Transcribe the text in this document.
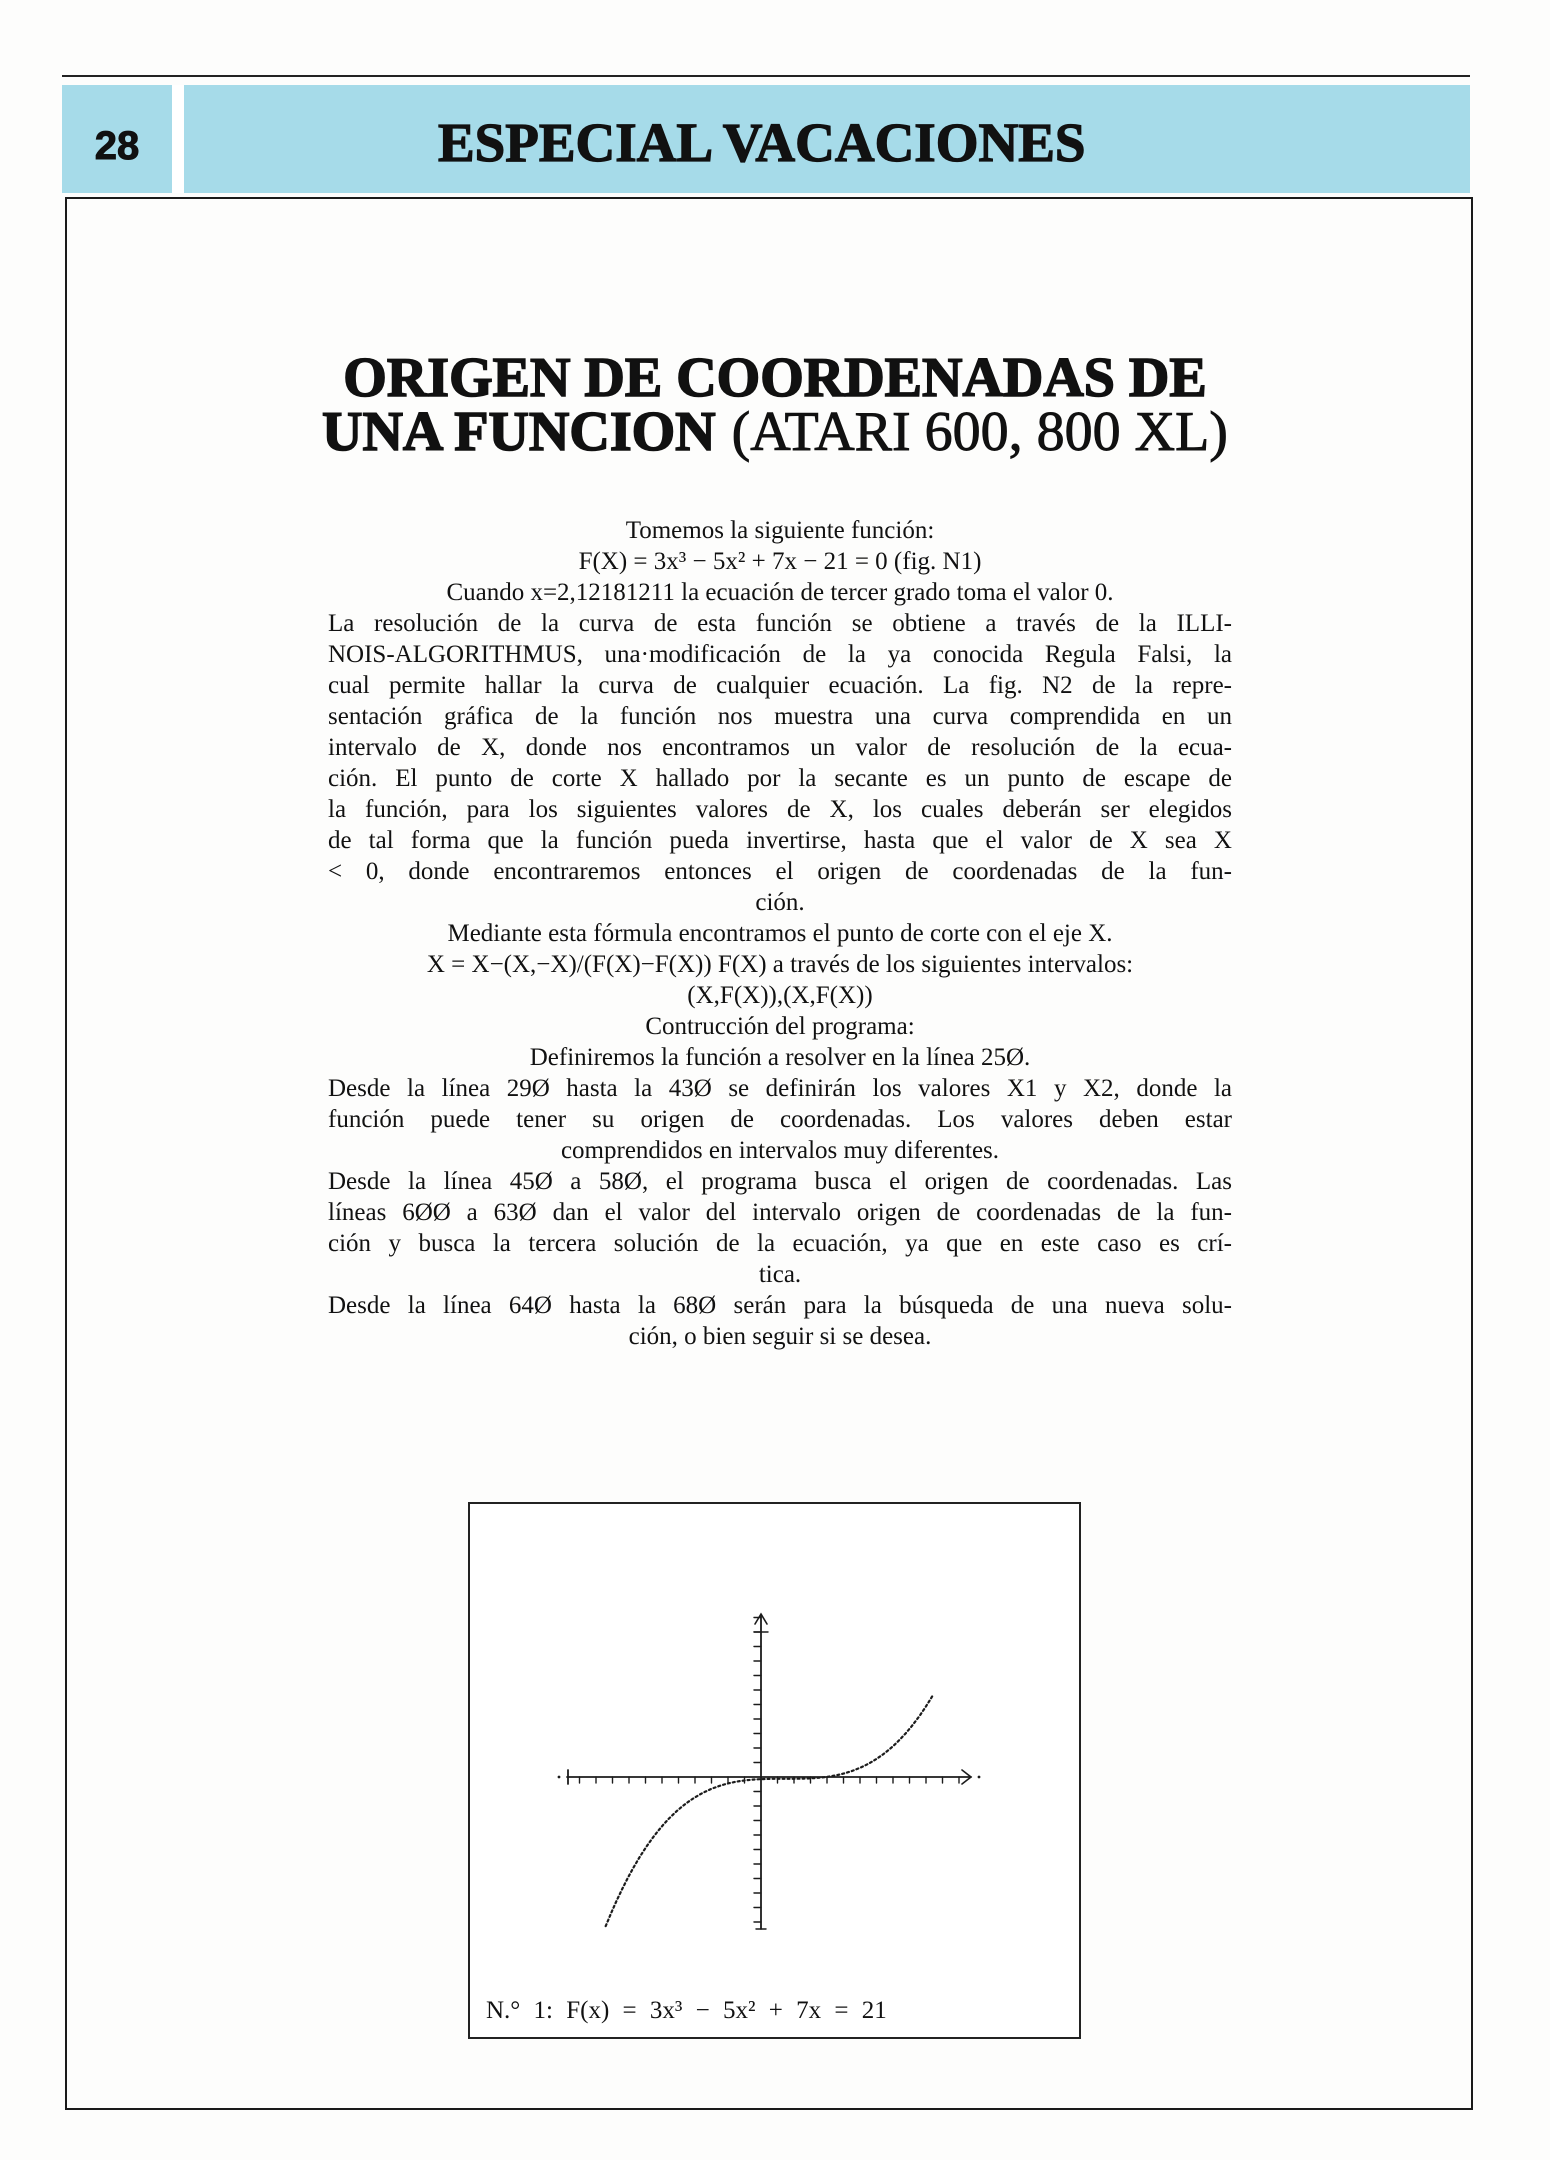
28	ESPECIAL VACACIONES
ORIGEN DE COORDENADAS DE
UNA FUNCION (ATARI 600, 800 XL)
Tomemos la siguiente función:
F(X) = 3x³ − 5x² + 7x − 21 = 0 (fig. N1)
Cuando x=2,12181211 la ecuación de tercer grado toma el valor 0.
La resolución de la curva de esta función se obtiene a través de la ILLI-
NOIS-ALGORITHMUS, una·modificación de la ya conocida Regula Falsi, la
cual permite hallar la curva de cualquier ecuación. La fig. N2 de la repre-
sentación gráfica de la función nos muestra una curva comprendida en un
intervalo de X, donde nos encontramos un valor de resolución de la ecua-
ción. El punto de corte X hallado por la secante es un punto de escape de
la función, para los siguientes valores de X, los cuales deberán ser elegidos
de tal forma que la función pueda invertirse, hasta que el valor de X sea X
< 0, donde encontraremos entonces el origen de coordenadas de la fun-
ción.
Mediante esta fórmula encontramos el punto de corte con el eje X.
X = X−(X,−X)/(F(X)−F(X)) F(X) a través de los siguientes intervalos:
(X,F(X)),(X,F(X))
Contrucción del programa:
Definiremos la función a resolver en la línea 25Ø.
Desde la línea 29Ø hasta la 43Ø se definirán los valores X1 y X2, donde la
función puede tener su origen de coordenadas. Los valores deben estar
comprendidos en intervalos muy diferentes.
Desde la línea 45Ø a 58Ø, el programa busca el origen de coordenadas. Las
líneas 6ØØ a 63Ø dan el valor del intervalo origen de coordenadas de la fun-
ción y busca la tercera solución de la ecuación, ya que en este caso es crí-
tica.
Desde la línea 64Ø hasta la 68Ø serán para la búsqueda de una nueva solu-
ción, o bien seguir si se desea.
N.° 1: F(x) = 3x³ − 5x² + 7x = 21
